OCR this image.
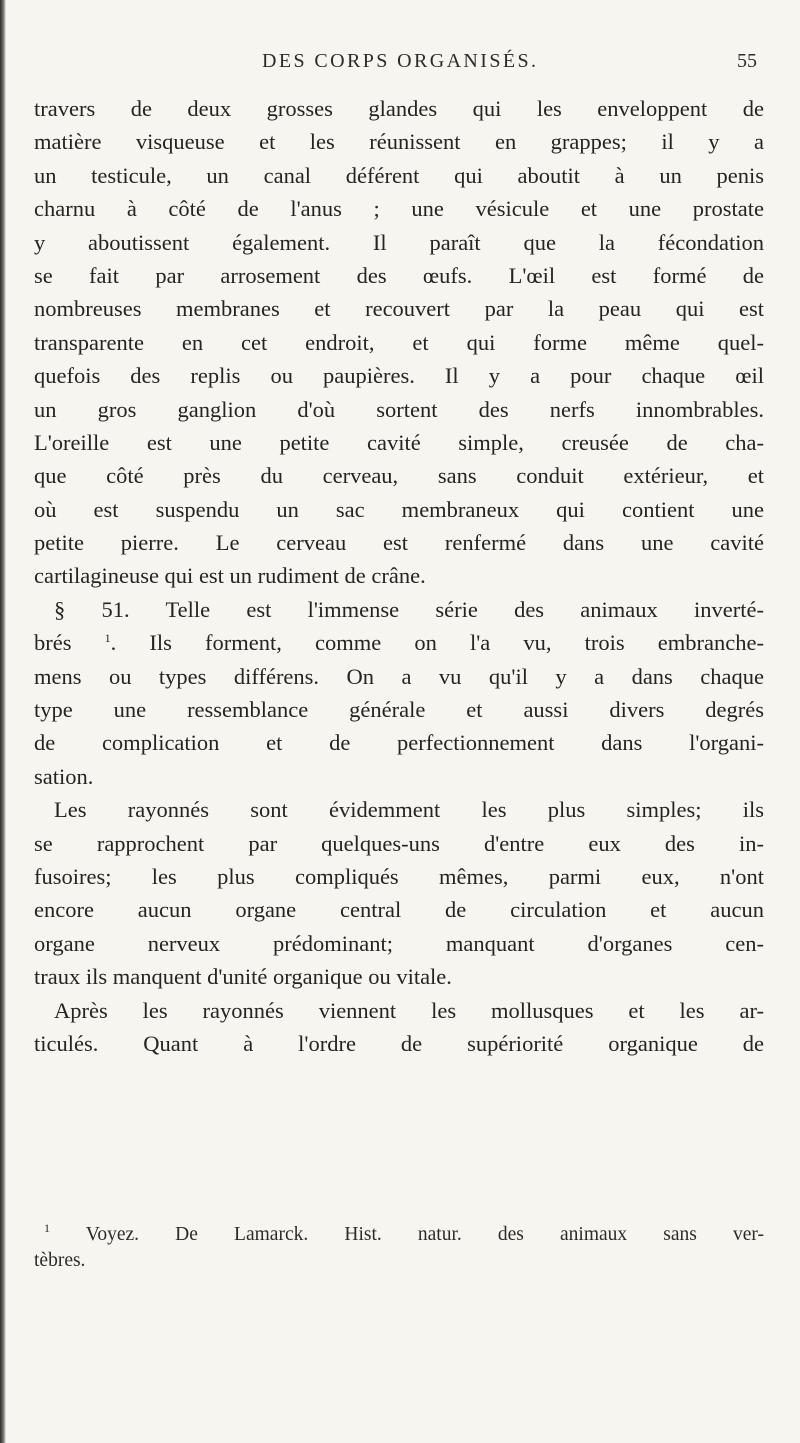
DES CORPS ORGANISÉS.	55
travers de deux grosses glandes qui les enveloppent de
matière visqueuse et les réunissent en grappes; il y a
un testicule, un canal déférent qui aboutit à un penis
charnu à côté de l'anus ; une vésicule et une prostate
y aboutissent également. Il paraît que la fécondation
se fait par arrosement des œufs. L'œil est formé de
nombreuses membranes et recouvert par la peau qui est
transparente en cet endroit, et qui forme même quel-
quefois des replis ou paupières. Il y a pour chaque œil
un gros ganglion d'où sortent des nerfs innombrables.
L'oreille est une petite cavité simple, creusée de cha-
que côté près du cerveau, sans conduit extérieur, et
où est suspendu un sac membraneux qui contient une
petite pierre. Le cerveau est renfermé dans une cavité
cartilagineuse qui est un rudiment de crâne.
§ 51. Telle est l'immense série des animaux inverté-
brés $^1$. Ils forment, comme on l'a vu, trois embranche-
mens ou types différens. On a vu qu'il y a dans chaque
type une ressemblance générale et aussi divers degrés
de complication et de perfectionnement dans l'organi-
sation.
Les rayonnés sont évidemment les plus simples; ils
se rapprochent par quelques-uns d'entre eux des in-
fusoires; les plus compliqués mêmes, parmi eux, n'ont
encore aucun organe central de circulation et aucun
organe nerveux prédominant; manquant d'organes cen-
traux ils manquent d'unité organique ou vitale.
Après les rayonnés viennent les mollusques et les ar-
ticulés. Quant à l'ordre de supériorité organique de
$^1$ Voyez. De Lamarck. Hist. natur. des animaux sans ver-
tèbres.
